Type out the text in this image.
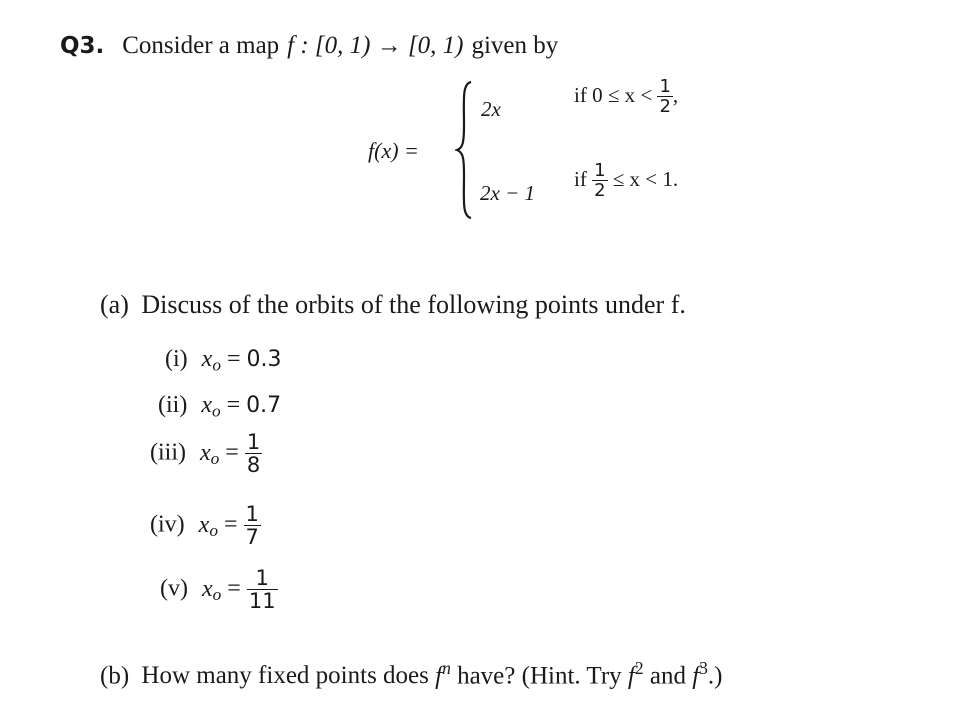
Q3. Consider a map f : [0, 1) → [0, 1) given by
f(x) =
2x
if $0 \le x < \frac{1}{2}$ ,
2x − 1
if $\frac{1}{2} \le x < 1$.
(a) Discuss of the orbits of the following points under f.
(i) $x_o = 0.3$
(ii) $x_o = 0.7$
(iii) $x_o = \frac{1}{8}$
(iv) $x_o = \frac{1}{7}$
(v) $x_o = \frac{1}{11}$
(b) How many fixed points does $f^n$ have? (Hint. Try $f^2$ and $f^3$.)
